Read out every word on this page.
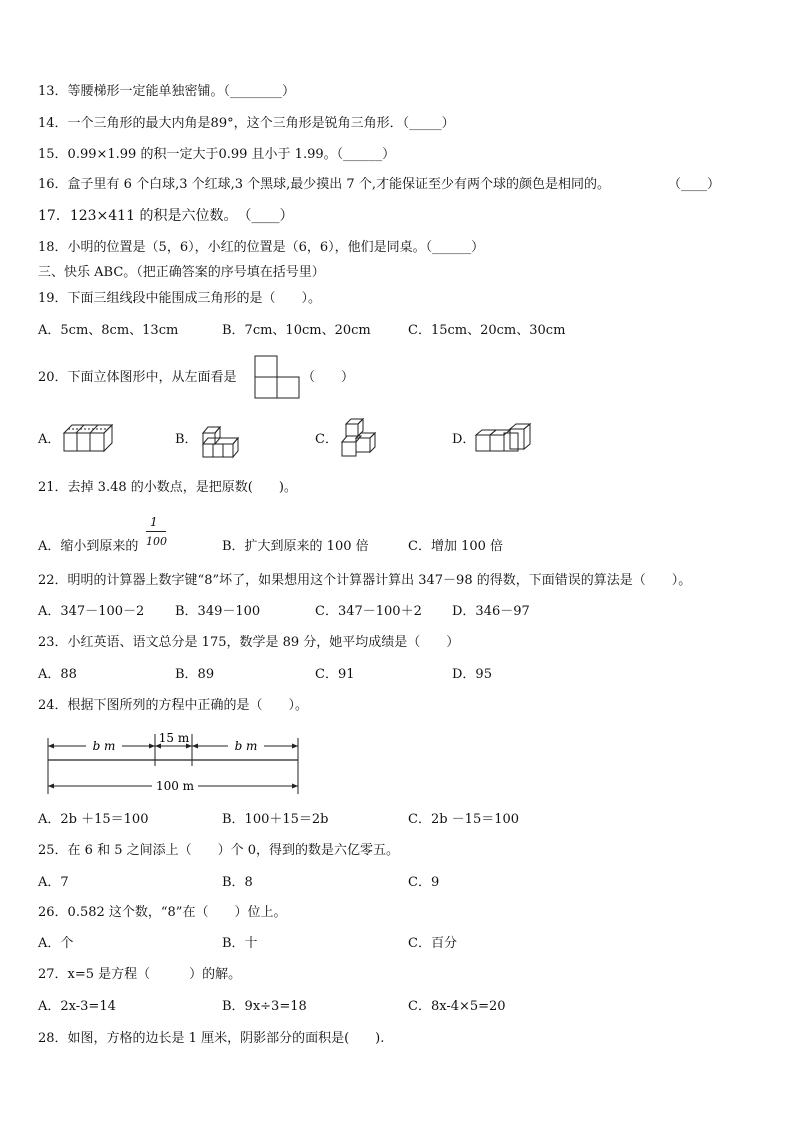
13．等腰梯形一定能单独密铺。（________）
14．一个三角形的最大内角是89°，这个三角形是锐角三角形．（_____）
15．0.99×1.99 的积一定大于0.99 且小于 1.99。（______）
16．盒子里有 6 个白球,3 个红球,3 个黑球,最少摸出 7 个,才能保证至少有两个球的颜色是相同的。	（____）
17．123×411 的积是六位数。　（____）
18．小明的位置是（5，6），小红的位置是（6，6），他们是同桌。（______）
三、快乐 ABC。（把正确答案的序号填在括号里）
19．下面三组线段中能围成三角形的是（　　）。
A．5cm、8cm、13cm	B．7cm、10cm、20cm	C．15cm、20cm、30cm
20．下面立体图形中，从左面看是	（　　）
A．	B．	C．	D．
21．去掉 3.48 的小数点，是把原数(　　)。
A．缩小到原来的
1
100	B．扩大到原来的 100 倍	C．增加 100 倍
22．明明的计算器上数字键“8”坏了，如果想用这个计算器计算出 347－98 的得数，下面错误的算法是（　　）。
A．347－100－2 B．349－100	C．347－100＋2 D．346－97
23．小红英语、语文总分是 175，数学是 89 分，她平均成绩是（　　）
A．88	B．89	C．91	D．95
24．根据下图所列的方程中正确的是（　　）。
b m
15 m
b m
100 m
A．2b ＋15＝100	B．100＋15＝2b	C．2b －15＝100
25．在 6 和 5 之间添上（　　）个 0，得到的数是六亿零五。
A．7	B．8	C．9
26．0.582 这个数，“8”在（　　）位上。
A．个	B．十	C．百分
27．x=5 是方程（　　　）的解。
A．2x-3=14	B．9x÷3=18	C．8x-4×5=20
28．如图，方格的边长是 1 厘米，阴影部分的面积是(　　).
